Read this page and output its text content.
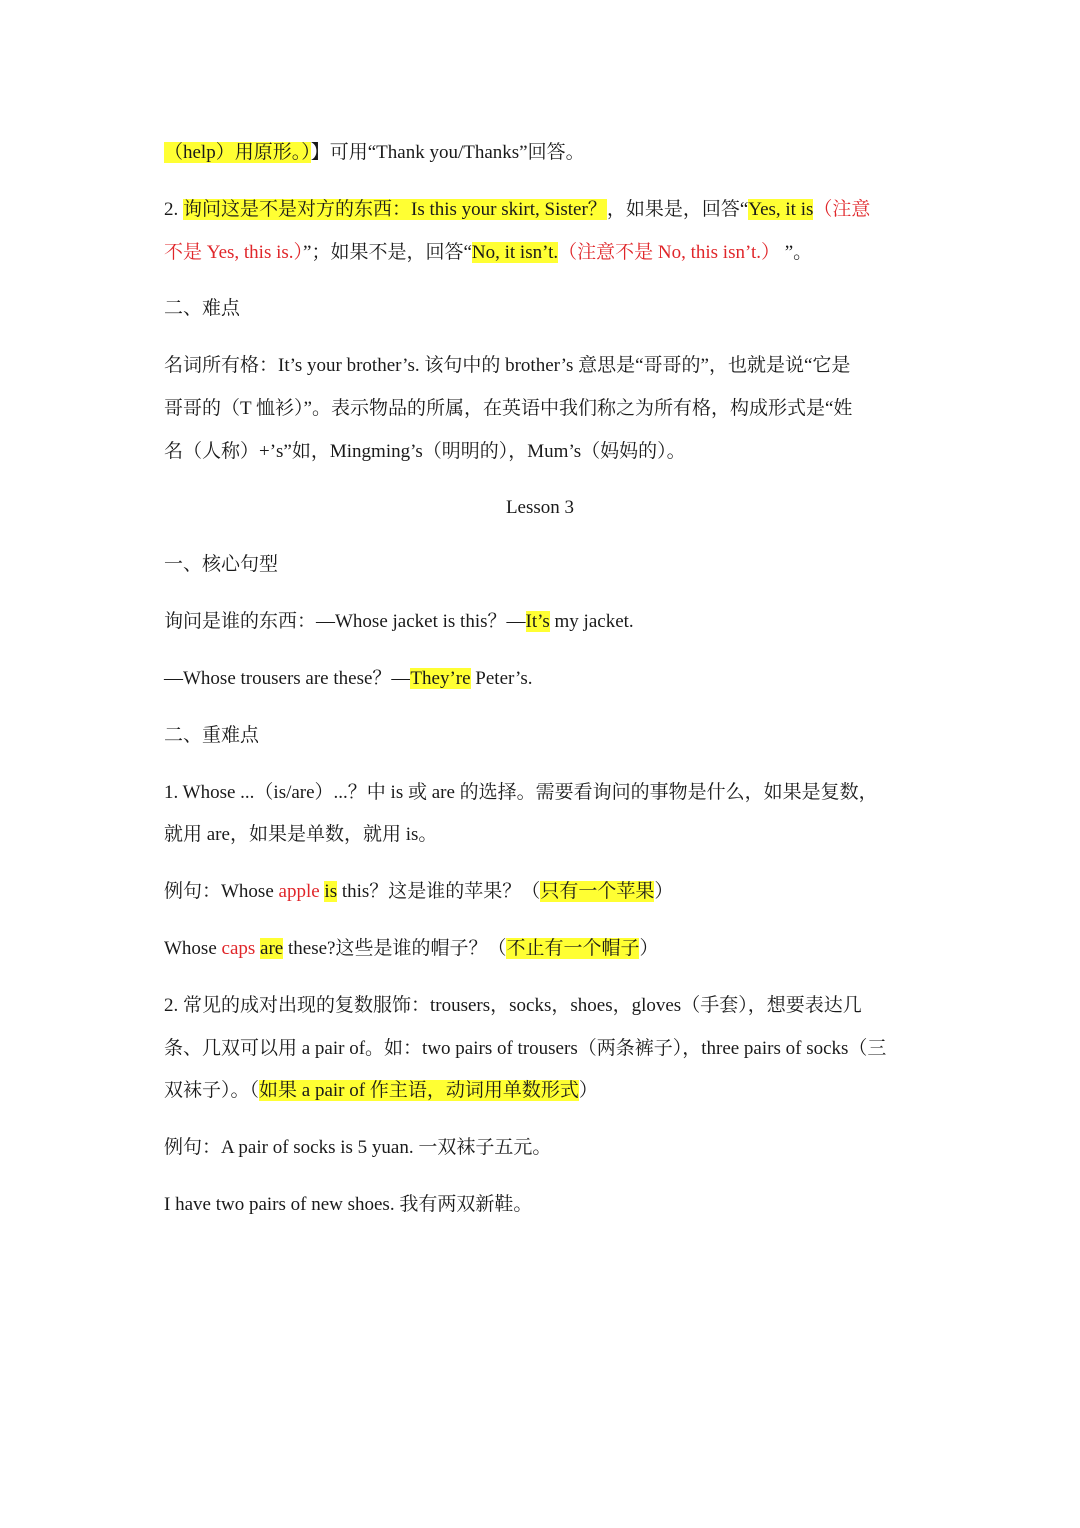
（help）用原形。）】可用“Thank you/Thanks”回答。
2. 询问这是不是对方的东西：Is this your skirt, Sister？，如果是，回答“Yes, it is（注意
不是 Yes, this is.）”；如果不是，回答“No, it isn’t.（注意不是 No, this isn’t.） ”。
二、难点
名词所有格：It’s your brother’s. 该句中的 brother’s 意思是“哥哥的”，也就是说“它是
哥哥的（T 恤衫）”。表示物品的所属，在英语中我们称之为所有格，构成形式是“姓
名（人称）+’s”如，Mingming’s（明明的），Mum’s（妈妈的）。
Lesson 3
一、核心句型
询问是谁的东西：—Whose jacket is this？—It’s my jacket.
—Whose trousers are these？—They’re Peter’s.
二、重难点
1. Whose ...（is/are）...？中 is 或 are 的选择。需要看询问的事物是什么，如果是复数，
就用 are，如果是单数，就用 is。
例句：Whose apple is this？这是谁的苹果？（只有一个苹果）
Whose caps are these?这些是谁的帽子？（不止有一个帽子）
2. 常见的成对出现的复数服饰：trousers，socks，shoes，gloves（手套），想要表达几
条、几双可以用 a pair of。如：two pairs of trousers（两条裤子），three pairs of socks（三
双袜子）。（如果 a pair of 作主语，动词用单数形式）
例句：A pair of socks is 5 yuan. 一双袜子五元。
I have two pairs of new shoes. 我有两双新鞋。
